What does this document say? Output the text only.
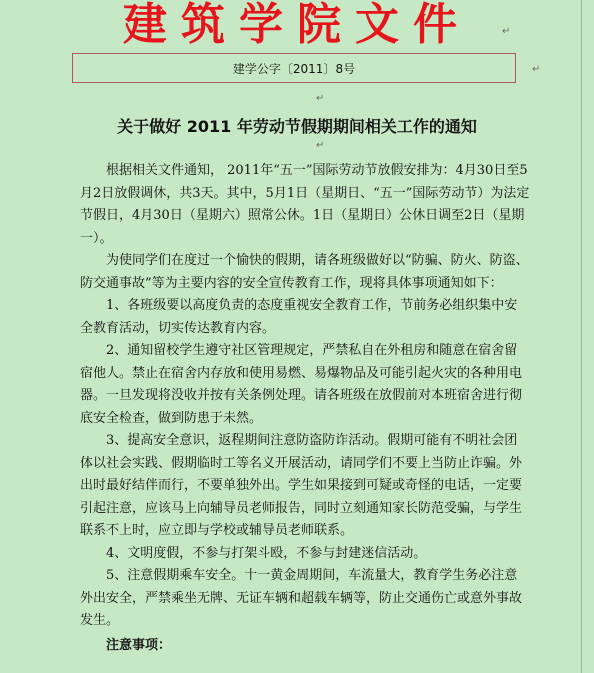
建筑学院文件	↵
建学公字〔2011〕8号	↵
↵
关于做好 2011 年劳动节假期期间相关工作的通知
↵

根据相关文件通知， 2011年“五一”国际劳动节放假安排为：4月30日至5月2日放假调休，共3天。其中，5月1日（星期日、“五一”国际劳动节）为法定节假日，4月30日（星期六）照常公休。1日（星期日）公休日调至2日（星期一）。

为使同学们在度过一个愉快的假期，请各班级做好以“防骗、防火、防盗、防交通事故”等为主要内容的安全宣传教育工作，现将具体事项通知如下：

1、各班级要以高度负责的态度重视安全教育工作，节前务必组织集中安全教育活动，切实传达教育内容。

2、通知留校学生遵守社区管理规定，严禁私自在外租房和随意在宿舍留宿他人。禁止在宿舍内存放和使用易燃、易爆物品及可能引起火灾的各种用电器。一旦发现将没收并按有关条例处理。请各班级在放假前对本班宿舍进行彻底安全检查，做到防患于未然。

3、提高安全意识，返程期间注意防盗防诈活动。假期可能有不明社会团体以社会实践、假期临时工等名义开展活动，请同学们不要上当防止诈骗。外出时最好结伴而行，不要单独外出。学生如果接到可疑或奇怪的电话，一定要引起注意，应该马上向辅导员老师报告，同时立刻通知家长防范受骗，与学生联系不上时，应立即与学校或辅导员老师联系。

4、文明度假，不参与打架斗殴，不参与封建迷信活动。

5、注意假期乘车安全。十一黄金周期间，车流量大，教育学生务必注意外出安全，严禁乘坐无牌、无证车辆和超载车辆等，防止交通伤亡或意外事故发生。

注意事项：
